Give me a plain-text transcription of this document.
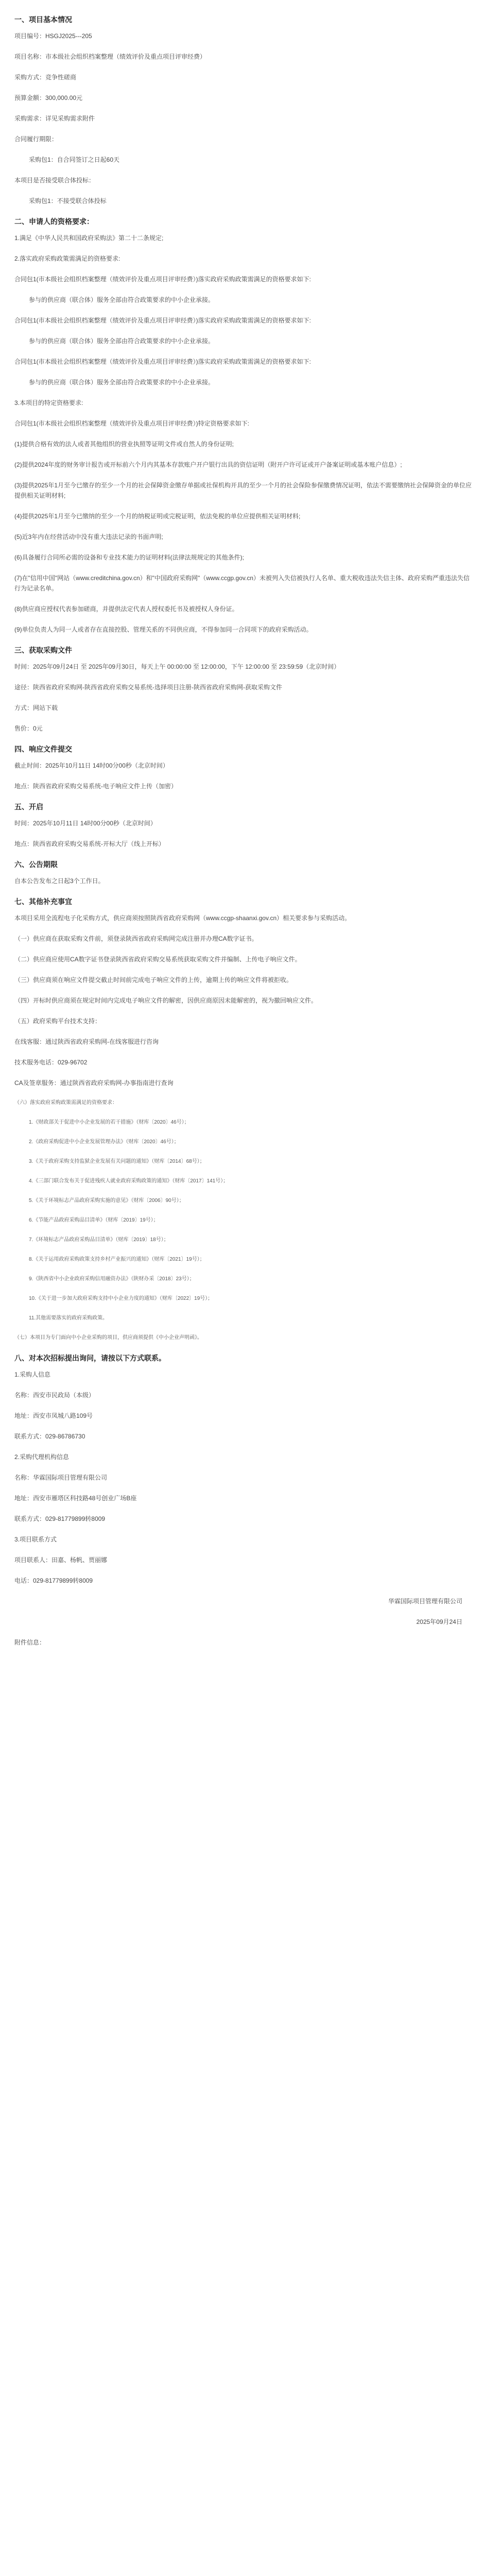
一、项目基本情况
项目编号：HSGJ2025---205
项目名称：市本级社会组织档案整理（绩效评价及重点项目评审经费）
采购方式：竞争性磋商
预算金额：300,000.00元
采购需求：详见采购需求附件
合同履行期限：
采购包1：自合同签订之日起60天
本项目是否接受联合体投标：
采购包1：不接受联合体投标
二、申请人的资格要求：
1.满足《中华人民共和国政府采购法》第二十二条规定;
2.落实政府采购政策需满足的资格要求:
合同包1(市本级社会组织档案整理（绩效评价及重点项目评审经费）)落实政府采购政策需满足的资格要求如下:
参与的供应商（联合体）服务全部由符合政策要求的中小企业承接。
合同包1(市本级社会组织档案整理（绩效评价及重点项目评审经费）)落实政府采购政策需满足的资格要求如下:
参与的供应商（联合体）服务全部由符合政策要求的中小企业承接。
合同包1(市本级社会组织档案整理（绩效评价及重点项目评审经费）)落实政府采购政策需满足的资格要求如下:
参与的供应商（联合体）服务全部由符合政策要求的中小企业承接。
3.本项目的特定资格要求:
合同包1(市本级社会组织档案整理（绩效评价及重点项目评审经费）)特定资格要求如下:
(1)提供合格有效的法人或者其他组织的营业执照等证明文件或自然人的身份证明;
(2)提供2024年度的财务审计报告或开标前六个月内其基本存款账户开户银行出具的资信证明（附开户许可证或开户备案证明或基本账户信息）;
(3)提供2025年1月至今已缴存的至少一个月的社会保障资金缴存单据或社保机构开具的至少一个月的社会保险参保缴费情况证明，依法不需要缴纳社会保障资金的单位应提供相关证明材料;
(4)提供2025年1月至今已缴纳的至少一个月的纳税证明或完税证明，依法免税的单位应提供相关证明材料;
(5)近3年内在经营活动中没有重大违法记录的书面声明;
(6)具备履行合同所必需的设备和专业技术能力的证明材料(法律法规规定的其他条件);
(7)在"信用中国"网站（www.creditchina.gov.cn）和"中国政府采购网"（www.ccgp.gov.cn）未被列入失信被执行人名单、重大税收违法失信主体、政府采购严重违法失信行为记录名单。
(8)供应商应授权代表参加磋商，并提供法定代表人授权委托书及被授权人身份证。
(9)单位负责人为同一人或者存在直接控股、管理关系的不同供应商，不得参加同一合同项下的政府采购活动。
三、获取采购文件
时间：2025年09月24日 至 2025年09月30日，每天上午 00:00:00 至 12:00:00，下午 12:00:00 至 23:59:59（北京时间）
途径：陕西省政府采购网-陕西省政府采购交易系统-选择项目注册-陕西省政府采购网-获取采购文件
方式：网站下载
售价：0元
四、响应文件提交
截止时间：2025年10月11日 14时00分00秒（北京时间）
地点：陕西省政府采购交易系统-电子响应文件上传（加密）
五、开启
时间：2025年10月11日 14时00分00秒（北京时间）
地点：陕西省政府采购交易系统-开标大厅（线上开标）
六、公告期限
自本公告发布之日起3个工作日。
七、其他补充事宜
本项目采用全流程电子化采购方式，供应商须按照陕西省政府采购网（www.ccgp-shaanxi.gov.cn）相关要求参与采购活动。
（一）供应商在获取采购文件前，须登录陕西省政府采购网完成注册并办理CA数字证书。
（二）供应商应使用CA数字证书登录陕西省政府采购交易系统获取采购文件并编制、上传电子响应文件。
（三）供应商须在响应文件提交截止时间前完成电子响应文件的上传，逾期上传的响应文件将被拒收。
（四）开标时供应商须在规定时间内完成电子响应文件的解密，因供应商原因未能解密的，视为撤回响应文件。
（五）政府采购平台技术支持：
在线客服：通过陕西省政府采购网-在线客服进行咨询
技术服务电话：029-96702
CA及签章服务：通过陕西省政府采购网-办事指南进行查询
（六）落实政府采购政策需满足的资格要求：
1.《财政部关于促进中小企业发展的若干措施》（财库〔2020〕46号）；
2.《政府采购促进中小企业发展管理办法》（财库〔2020〕46号）；
3.《关于政府采购支持监狱企业发展有关问题的通知》（财库〔2014〕68号）；
4.《三部门联合发布关于促进残疾人就业政府采购政策的通知》（财库〔2017〕141号）；
5.《关于环境标志产品政府采购实施的意见》（财库〔2006〕90号）；
6.《节能产品政府采购品目清单》（财库〔2019〕19号）；
7.《环境标志产品政府采购品目清单》（财库〔2019〕18号）；
8.《关于运用政府采购政策支持乡村产业振兴的通知》（财库〔2021〕19号）；
9.《陕西省中小企业政府采购信用融资办法》（陕财办采〔2018〕23号）；
10.《关于进一步加大政府采购支持中小企业力度的通知》（财库〔2022〕19号）；
11.其他需要落实的政府采购政策。
（七）本项目为专门面向中小企业采购的项目，供应商须提供《中小企业声明函》。
八、对本次招标提出询问，请按以下方式联系。
1.采购人信息
名称：西安市民政局（本级）
地址：西安市凤城八路109号
联系方式：029-86786730
2.采购代理机构信息
名称：华霖国际项目管理有限公司
地址：西安市雁塔区科技路48号创业广场B座
联系方式：029-81779899转8009
3.项目联系方式
项目联系人：田嘉、杨帆、贾丽娜
电话：029-81779899转8009
华霖国际项目管理有限公司
2025年09月24日
附件信息：
